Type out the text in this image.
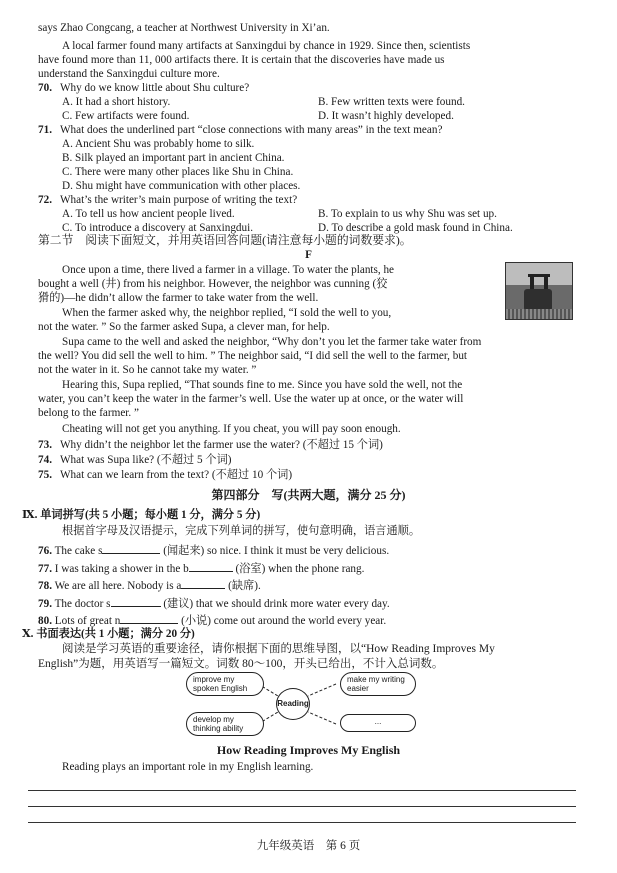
says Zhao Congcang, a teacher at Northwest University in Xi’an.
A local farmer found many artifacts at Sanxingdui by chance in 1929. Since then, scientists
have found more than 11, 000 artifacts there. It is certain that the discoveries have made us
understand the Sanxingdui culture more.
70. Why do we know little about Shu culture?
A. It had a short history.	B. Few written texts were found.
C. Few artifacts were found.	D. It wasn’t highly developed.
71. What does the underlined part “close connections with many areas” in the text mean?
A. Ancient Shu was probably home to silk.
B. Silk played an important part in ancient China.
C. There were many other places like Shu in China.
D. Shu might have communication with other places.
72. What’s the writer’s main purpose of writing the text?
A. To tell us how ancient people lived.	B. To explain to us why Shu was set up.
C. To introduce a discovery at Sanxingdui.	D. To describe a gold mask found in China.
第二节　阅读下面短文，并用英语回答问题(请注意每小题的词数要求)。
F
Once upon a time, there lived a farmer in a village. To water the plants, he
bought a well (井) from his neighbor. However, the neighbor was cunning (狡
猾的)—he didn’t allow the farmer to take water from the well.
When the farmer asked why, the neighbor replied, “I sold the well to you,
not the water. ” So the farmer asked Supa, a clever man, for help.
Supa came to the well and asked the neighbor, “Why don’t you let the farmer take water from
the well? You did sell the well to him. ” The neighbor said, “I did sell the well to the farmer, but
not the water in it. So he cannot take my water. ”
Hearing this, Supa replied, “That sounds fine to me. Since you have sold the well, not the
water, you can’t keep the water in the farmer’s well. Use the water up at once, or the water will
belong to the farmer. ”
Cheating will not get you anything. If you cheat, you will pay soon enough.
73. Why didn’t the neighbor let the farmer use the water? (不超过 15 个词)
74. What was Supa like? (不超过 5 个词)
75. What can we learn from the text? (不超过 10 个词)
第四部分　写(共两大题，满分 25 分)
Ⅸ. 单词拼写(共 5 小题；每小题 1 分，满分 5 分)
根据首字母及汉语提示，完成下列单词的拼写，使句意明确，语言通顺。
76. The cake s	(闻起来) so nice. I think it must be very delicious.
77. I was taking a shower in the b	(浴室) when the phone rang.
78. We are all here. Nobody is a	(缺席).
79. The doctor s	(建议) that we should drink more water every day.
80. Lots of great n	(小说) come out around the world every year.
Ⅹ. 书面表达(共 1 小题；满分 20 分)
阅读是学习英语的重要途径，请你根据下面的思维导图，以“How Reading Improves My
English”为题，用英语写一篇短文。词数 80～100，开头已给出，不计入总词数。
improve my spoken English
make my writing easier
Reading
develop my thinking ability
...
How Reading Improves My English
Reading plays an important role in my English learning.
九年级英语　第 6 页
